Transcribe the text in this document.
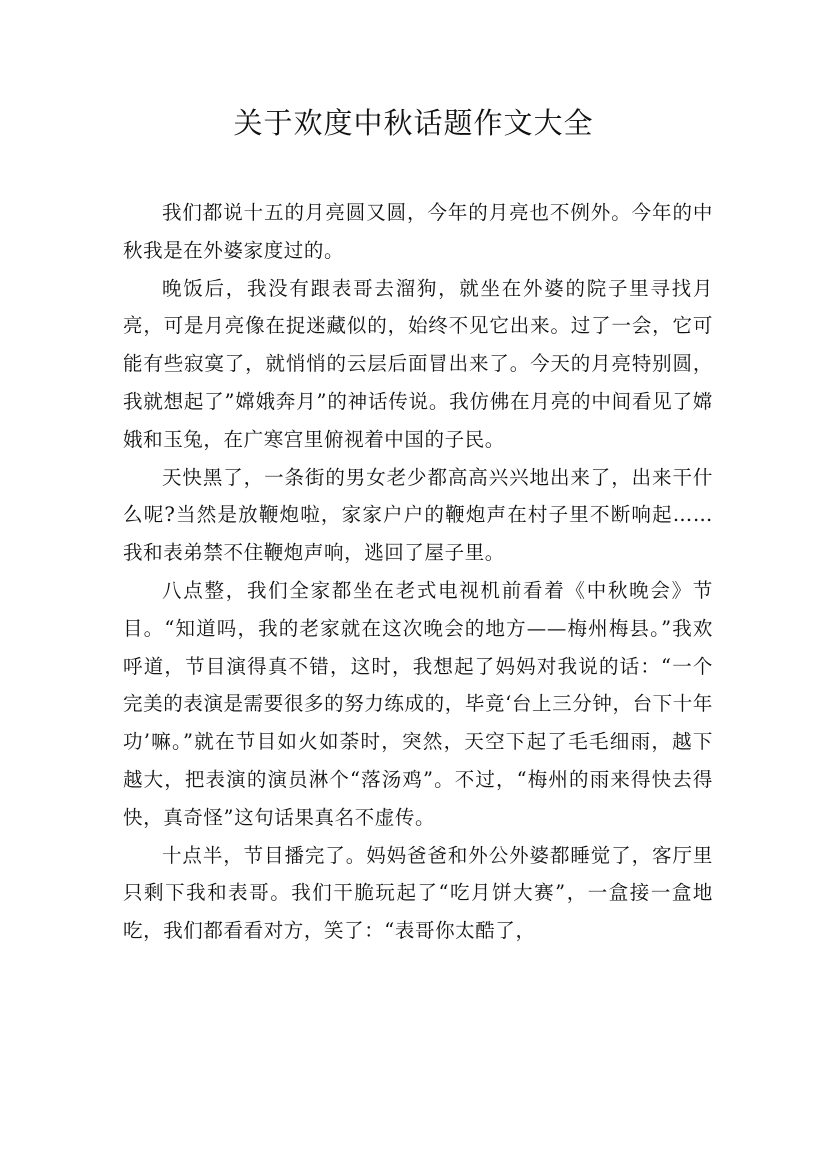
关于欢度中秋话题作文大全

我们都说十五的月亮圆又圆，今年的月亮也不例外。今年的中秋我是在外婆家度过的。

晚饭后，我没有跟表哥去溜狗，就坐在外婆的院子里寻找月亮，可是月亮像在捉迷藏似的，始终不见它出来。过了一会，它可能有些寂寞了，就悄悄的云层后面冒出来了。今天的月亮特别圆，我就想起了”嫦娥奔月”的神话传说。我仿佛在月亮的中间看见了嫦娥和玉兔，在广寒宫里俯视着中国的子民。

天快黑了，一条街的男女老少都高高兴兴地出来了，出来干什么呢?当然是放鞭炮啦，家家户户的鞭炮声在村子里不断响起……我和表弟禁不住鞭炮声响，逃回了屋子里。

八点整，我们全家都坐在老式电视机前看着《中秋晚会》节目。“知道吗，我的老家就在这次晚会的地方——梅州梅县。”我欢呼道，节目演得真不错，这时，我想起了妈妈对我说的话：“一个完美的表演是需要很多的努力练成的，毕竟‘台上三分钟，台下十年功’嘛。”就在节目如火如荼时，突然，天空下起了毛毛细雨，越下越大，把表演的演员淋个“落汤鸡”。不过，“梅州的雨来得快去得快，真奇怪”这句话果真名不虚传。

十点半，节目播完了。妈妈爸爸和外公外婆都睡觉了，客厅里只剩下我和表哥。我们干脆玩起了“吃月饼大赛”，一盒接一盒地吃，我们都看看对方，笑了：“表哥你太酷了，
